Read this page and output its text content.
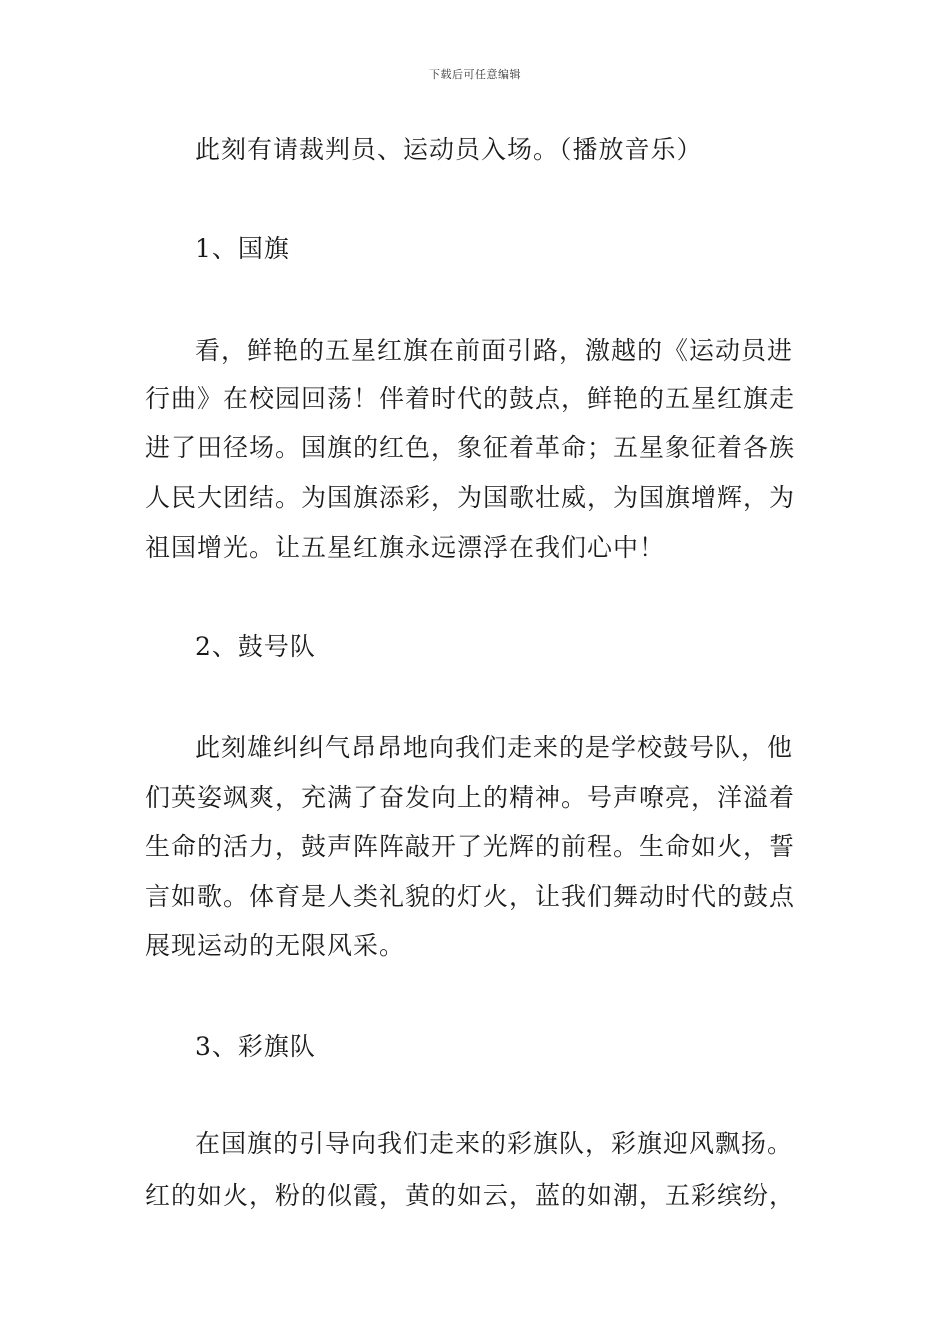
下载后可任意编辑
此刻有请裁判员、运动员入场。（播放音乐）
1、国旗
看，鲜艳的五星红旗在前面引路，激越的《运动员进
行曲》在校园回荡！伴着时代的鼓点，鲜艳的五星红旗走
进了田径场。国旗的红色，象征着革命；五星象征着各族
人民大团结。为国旗添彩，为国歌壮威，为国旗增辉，为
祖国增光。让五星红旗永远漂浮在我们心中！
2、鼓号队
此刻雄纠纠气昂昂地向我们走来的是学校鼓号队，他
们英姿飒爽，充满了奋发向上的精神。号声嘹亮，洋溢着
生命的活力，鼓声阵阵敲开了光辉的前程。生命如火，誓
言如歌。体育是人类礼貌的灯火，让我们舞动时代的鼓点
展现运动的无限风采。
3、彩旗队
在国旗的引导向我们走来的彩旗队，彩旗迎风飘扬。
红的如火，粉的似霞，黄的如云，蓝的如潮，五彩缤纷，
